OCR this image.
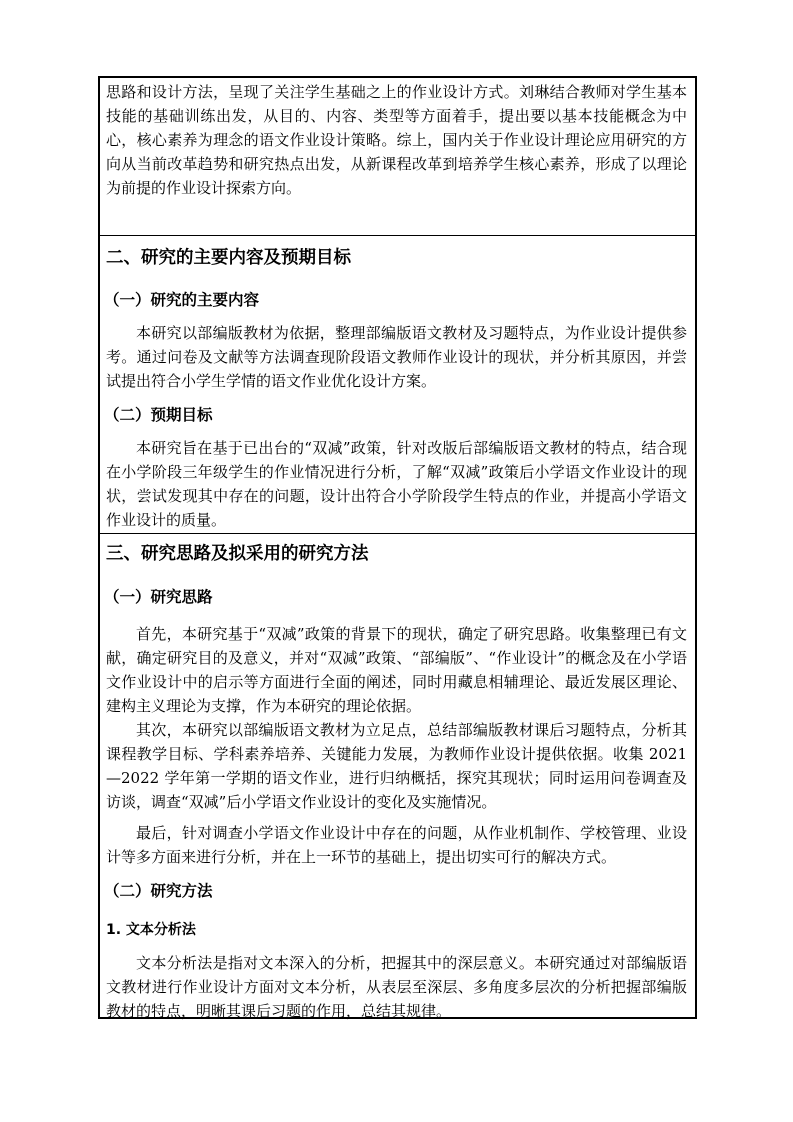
思路和设计方法，呈现了关注学生基础之上的作业设计方式。刘琳结合教师对学生基本技能的基础训练出发，从目的、内容、类型等方面着手，提出要以基本技能概念为中心，核心素养为理念的语文作业设计策略。综上，国内关于作业设计理论应用研究的方向从当前改革趋势和研究热点出发，从新课程改革到培养学生核心素养，形成了以理论为前提的作业设计探索方向。

二、研究的主要内容及预期目标
（一）研究的主要内容

本研究以部编版教材为依据，整理部编版语文教材及习题特点，为作业设计提供参考。通过问卷及文献等方法调查现阶段语文教师作业设计的现状，并分析其原因，并尝试提出符合小学生学情的语文作业优化设计方案。

（二）预期目标

本研究旨在基于已出台的“双减”政策，针对改版后部编版语文教材的特点，结合现在小学阶段三年级学生的作业情况进行分析，了解“双减”政策后小学语文作业设计的现状，尝试发现其中存在的问题，设计出符合小学阶段学生特点的作业，并提高小学语文作业设计的质量。

三、研究思路及拟采用的研究方法
（一）研究思路

首先，本研究基于“双减”政策的背景下的现状，确定了研究思路。收集整理已有文献，确定研究目的及意义，并对“双减”政策、“部编版”、“作业设计”的概念及在小学语文作业设计中的启示等方面进行全面的阐述，同时用藏息相辅理论、最近发展区理论、建构主义理论为支撑，作为本研究的理论依据。

其次，本研究以部编版语文教材为立足点，总结部编版教材课后习题特点，分析其课程教学目标、学科素养培养、关键能力发展，为教师作业设计提供依据。收集 2021—2022 学年第一学期的语文作业，进行归纳概括，探究其现状；同时运用问卷调查及访谈，调查“双减”后小学语文作业设计的变化及实施情况。

最后，针对调查小学语文作业设计中存在的问题，从作业机制作、学校管理、业设计等多方面来进行分析，并在上一环节的基础上，提出切实可行的解决方式。

（二）研究方法
1. 文本分析法

文本分析法是指对文本深入的分析，把握其中的深层意义。本研究通过对部编版语文教材进行作业设计方面对文本分析，从表层至深层、多角度多层次的分析把握部编版教材的特点，明晰其课后习题的作用，总结其规律。
